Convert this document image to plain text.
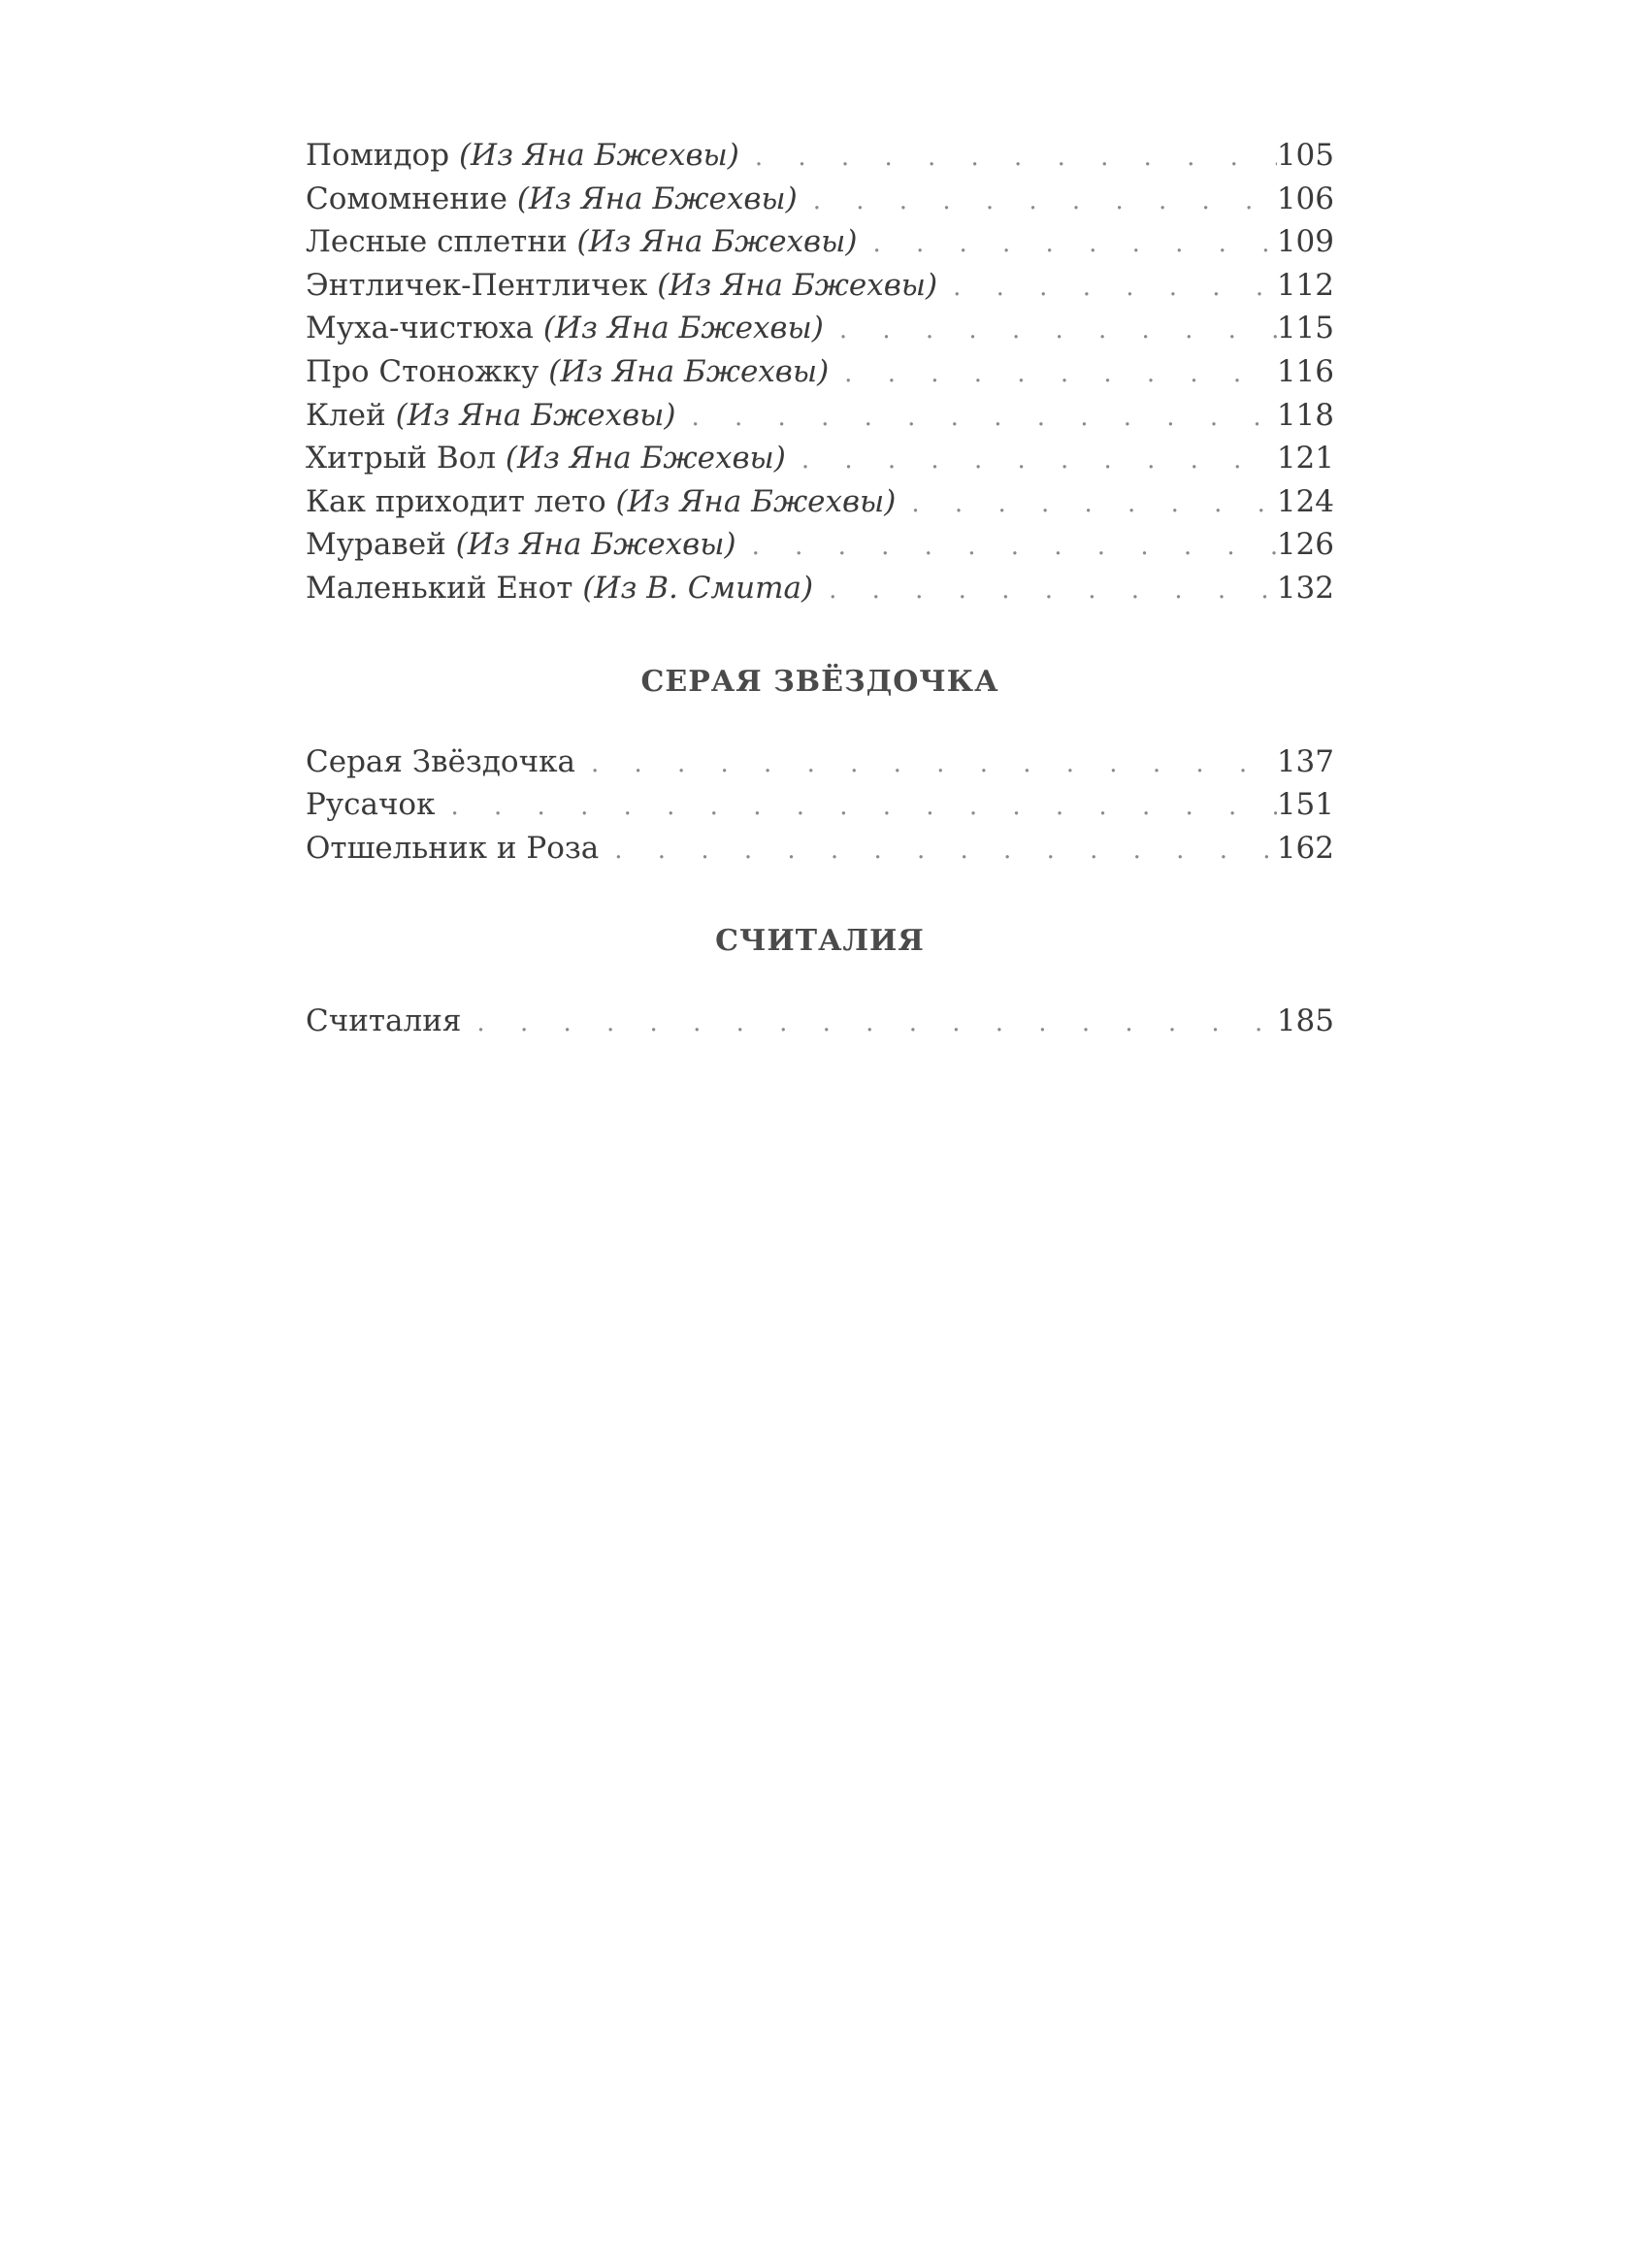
Помидор (Из Яна Бжехвы) . . .	105
Сомомнение (Из Яна Бжехвы) . . .	106
Лесные сплетни (Из Яна Бжехвы) . . .	109
Энтличек-Пентличек (Из Яна Бжехвы) . . .	112
Муха-чистюха (Из Яна Бжехвы) . . .	115
Про Стоножку (Из Яна Бжехвы) . . .	116
Клей (Из Яна Бжехвы) . . .	118
Хитрый Вол (Из Яна Бжехвы) . . .	121
Как приходит лето (Из Яна Бжехвы) . . .	124
Муравей (Из Яна Бжехвы) . . .	126
Маленький Енот (Из В. Смита) . . .	132
СЕРАЯ ЗВЁЗДОЧКА
Серая Звёздочка . . .	137
Русачок . . .	151
Отшельник и Роза . . .	162
СЧИТАЛИЯ
Считалия . . .	185
